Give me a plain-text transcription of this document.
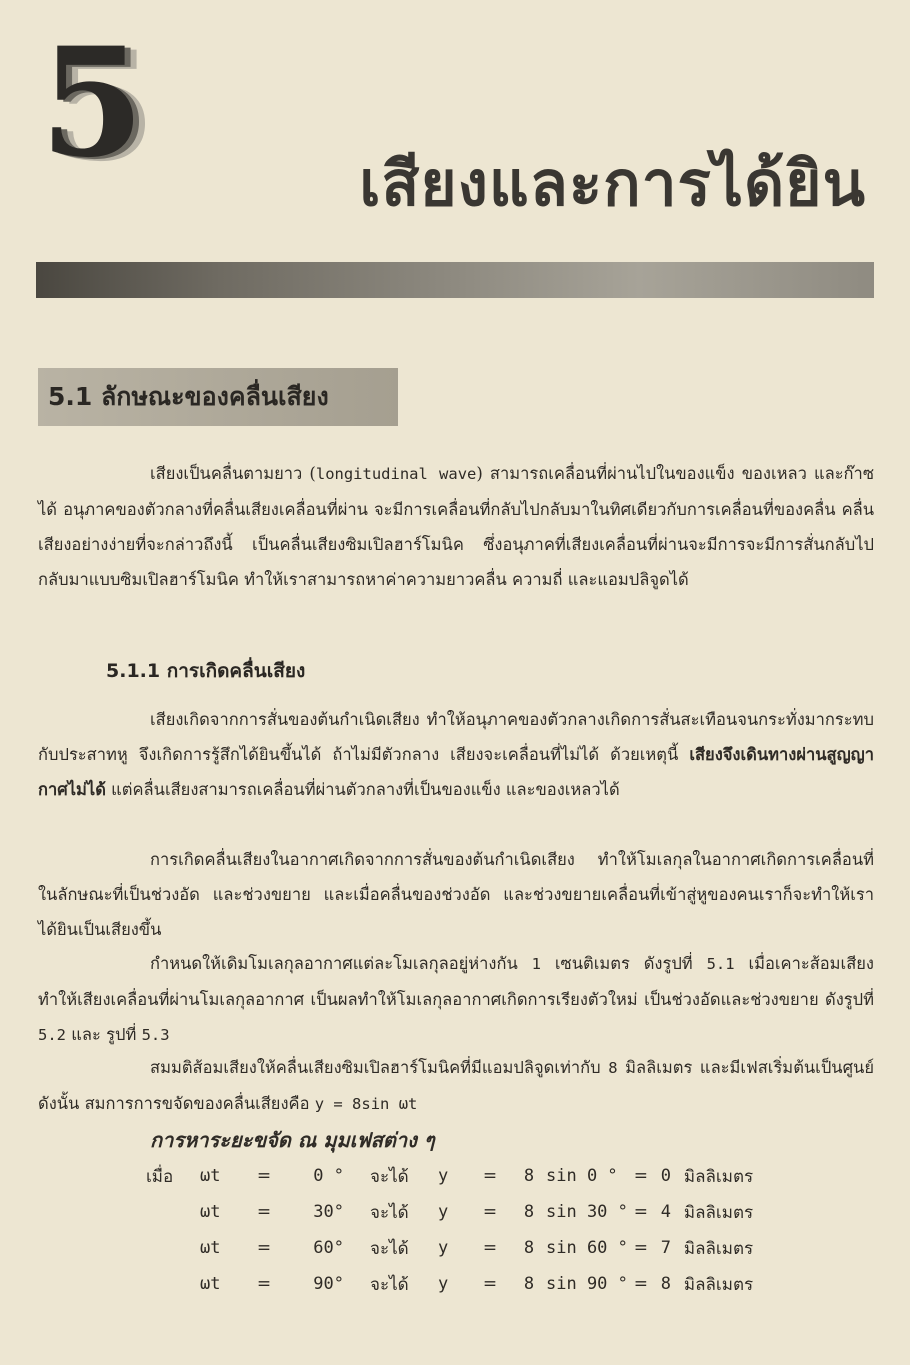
5	เสียงและการได้ยิน
5.1 ลักษณะของคลื่นเสียง

เสียงเป็นคลื่นตามยาว (longitudinal wave) สามารถเคลื่อนที่ผ่านไปในของแข็ง ของเหลว และก๊าซได้ อนุภาคของตัวกลางที่คลื่นเสียงเคลื่อนที่ผ่าน จะมีการเคลื่อนที่กลับไปกลับมาในทิศเดียวกับการเคลื่อนที่ของคลื่น คลื่นเสียงอย่างง่ายที่จะกล่าวถึงนี้ เป็นคลื่นเสียงซิมเปิลฮาร์โมนิค ซึ่งอนุภาคที่เสียงเคลื่อนที่ผ่านจะมีการจะมีการสั่นกลับไปกลับมาแบบซิมเปิลฮาร์โมนิค ทำให้เราสามารถหาค่าความยาวคลื่น ความถี่ และแอมปลิจูดได้

5.1.1 การเกิดคลื่นเสียง

เสียงเกิดจากการสั่นของต้นกำเนิดเสียง ทำให้อนุภาคของตัวกลางเกิดการสั่นสะเทือนจนกระทั่งมากระทบกับประสาทหู จึงเกิดการรู้สึกได้ยินขึ้นได้ ถ้าไม่มีตัวกลาง เสียงจะเคลื่อนที่ไม่ได้ ด้วยเหตุนี้ เสียงจึงเดินทางผ่านสูญญากาศไม่ได้ แต่คลื่นเสียงสามารถเคลื่อนที่ผ่านตัวกลางที่เป็นของแข็ง และของเหลวได้

การเกิดคลื่นเสียงในอากาศเกิดจากการสั่นของต้นกำเนิดเสียง ทำให้โมเลกุลในอากาศเกิดการเคลื่อนที่ในลักษณะที่เป็นช่วงอัด และช่วงขยาย และเมื่อคลื่นของช่วงอัด และช่วงขยายเคลื่อนที่เข้าสู่หูของคนเราก็จะทำให้เราได้ยินเป็นเสียงขึ้น

กำหนดให้เดิมโมเลกุลอากาศแต่ละโมเลกุลอยู่ห่างกัน 1 เซนติเมตร ดังรูปที่ 5.1 เมื่อเคาะส้อมเสียง ทำให้เสียงเคลื่อนที่ผ่านโมเลกุลอากาศ เป็นผลทำให้โมเลกุลอากาศเกิดการเรียงตัวใหม่ เป็นช่วงอัดและช่วงขยาย ดังรูปที่ 5.2 และ รูปที่ 5.3

สมมติส้อมเสียงให้คลื่นเสียงซิมเปิลฮาร์โมนิคที่มีแอมปลิจูดเท่ากับ 8 มิลลิเมตร และมีเฟสเริ่มต้นเป็นศูนย์ ดังนั้น สมการการขจัดของคลื่นเสียงคือ y = 8sin ωt

การหาระยะขจัด ณ มุมเฟสต่าง ๆ
เมื่อ	ωt	=	0 °	จะได้	y	=	8	sin 0 °	=	0	มิลลิเมตร
	ωt	=	30°	จะได้	y	=	8	sin 30 °	=	4	มิลลิเมตร
	ωt	=	60°	จะได้	y	=	8	sin 60 °	=	7	มิลลิเมตร
	ωt	=	90°	จะได้	y	=	8	sin 90 °	=	8	มิลลิเมตร
